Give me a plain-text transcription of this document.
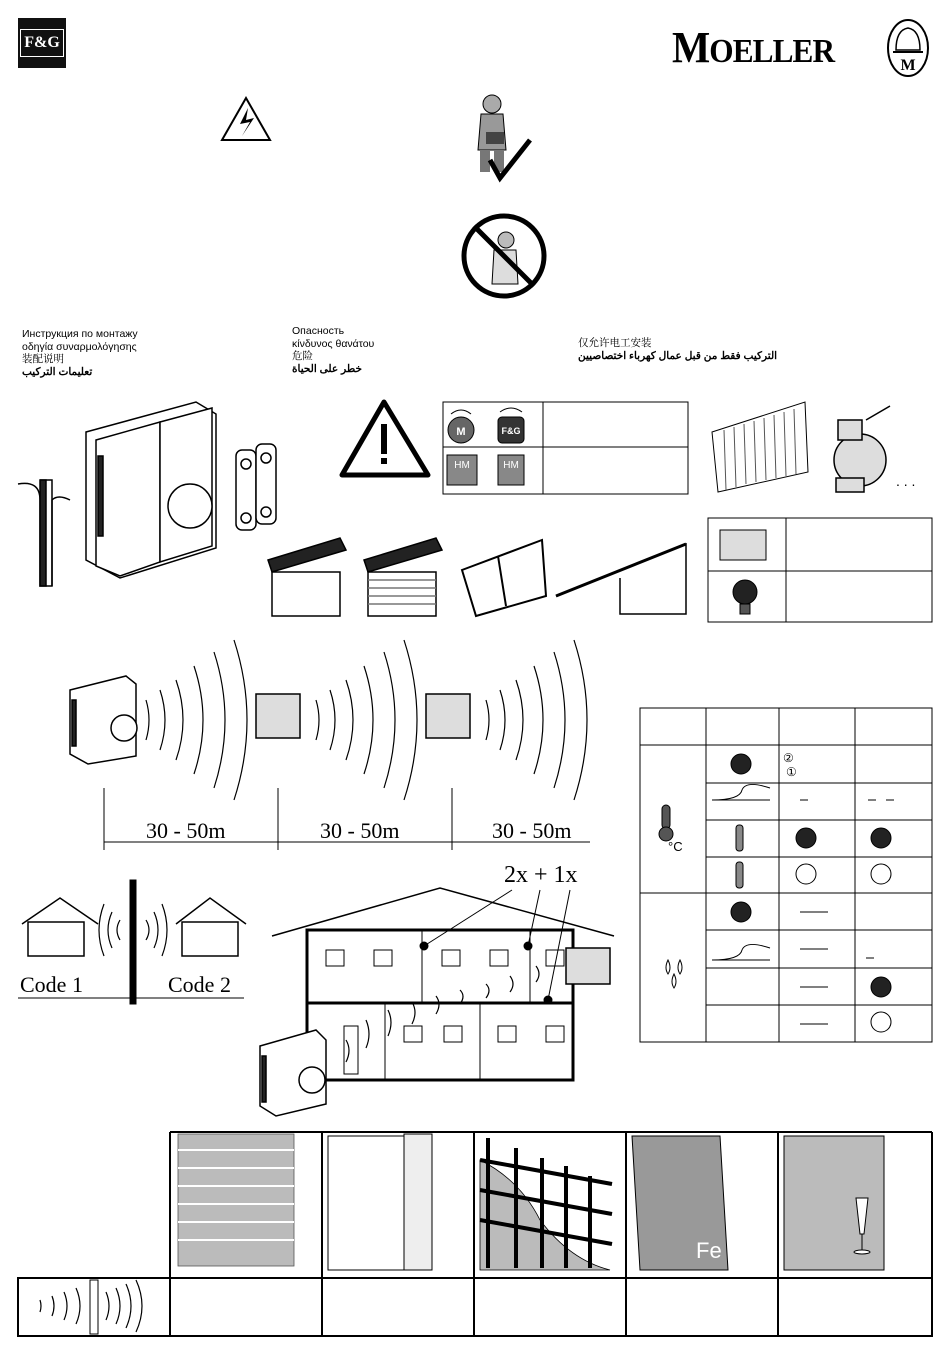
F&G	MOELLER	M
M	F&G
HM	HM
. . .
②
①
°C
Fe
Инструкция по монтажу
οδηγία συναρμολόγησης
装配说明
تعليمات التركيب
Опасность
κίνδυνος θανάτου
危险
خطر على الحياة
仅允许电工安装
التركيب فقط من قبل عمال كهرباء اختصاصيين
30 - 50m	30 - 50m	30 - 50m
Code 1	Code 2
2x + 1x
